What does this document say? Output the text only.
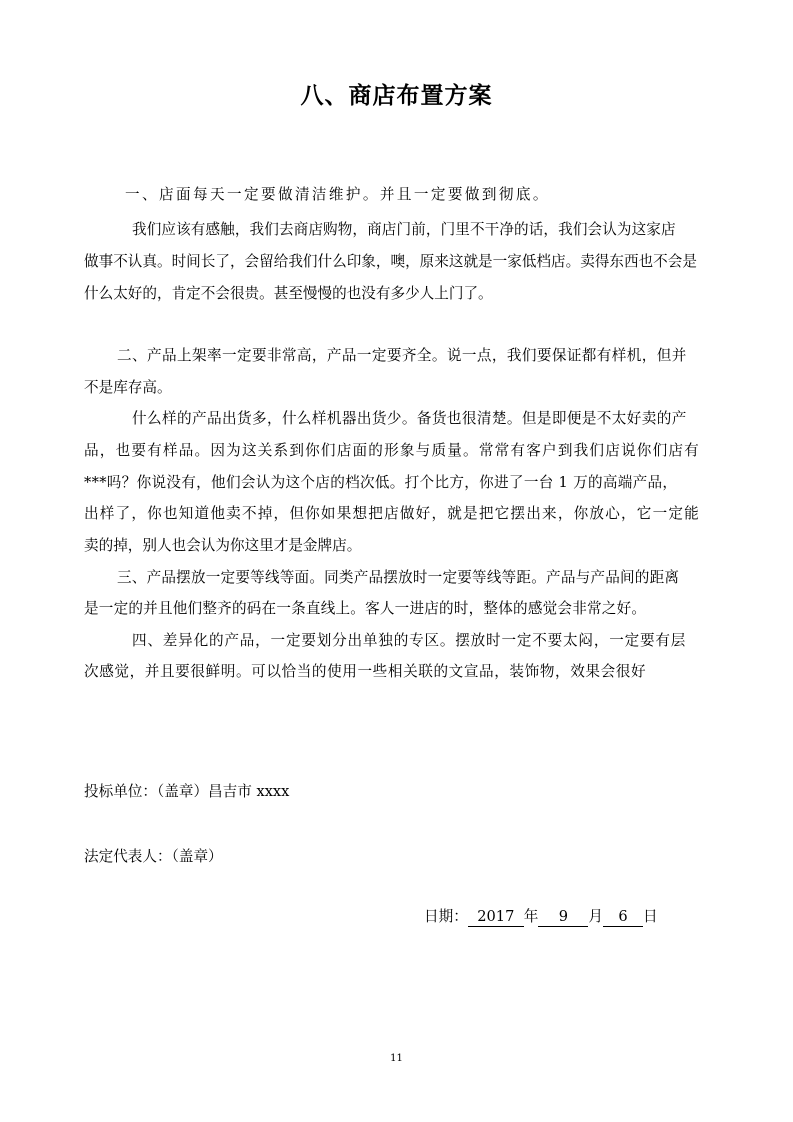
八、商店布置方案
一、店面每天一定要做清洁维护。并且一定要做到彻底。
我们应该有感触，我们去商店购物，商店门前，门里不干净的话，我们会认为这家店
做事不认真。时间长了，会留给我们什么印象，噢，原来这就是一家低档店。卖得东西也不会是
什么太好的，肯定不会很贵。甚至慢慢的也没有多少人上门了。
二、产品上架率一定要非常高，产品一定要齐全。说一点，我们要保证都有样机，但并
不是库存高。
什么样的产品出货多，什么样机器出货少。备货也很清楚。但是即便是不太好卖的产
品，也要有样品。因为这关系到你们店面的形象与质量。常常有客户到我们店说你们店有
***吗？你说没有，他们会认为这个店的档次低。打个比方，你进了一台 1 万的高端产品，
出样了，你也知道他卖不掉，但你如果想把店做好，就是把它摆出来，你放心，它一定能
卖的掉，别人也会认为你这里才是金牌店。
三、产品摆放一定要等线等面。同类产品摆放时一定要等线等距。产品与产品间的距离
是一定的并且他们整齐的码在一条直线上。客人一进店的时，整体的感觉会非常之好。
四、差异化的产品，一定要划分出单独的专区。摆放时一定不要太闷，一定要有层
次感觉，并且要很鲜明。可以恰当的使用一些相关联的文宣品，装饰物，效果会很好
投标单位：（盖章）昌吉市 xxxx
法定代表人：（盖章）
日期： 2017 年 9 月 6 日
11
